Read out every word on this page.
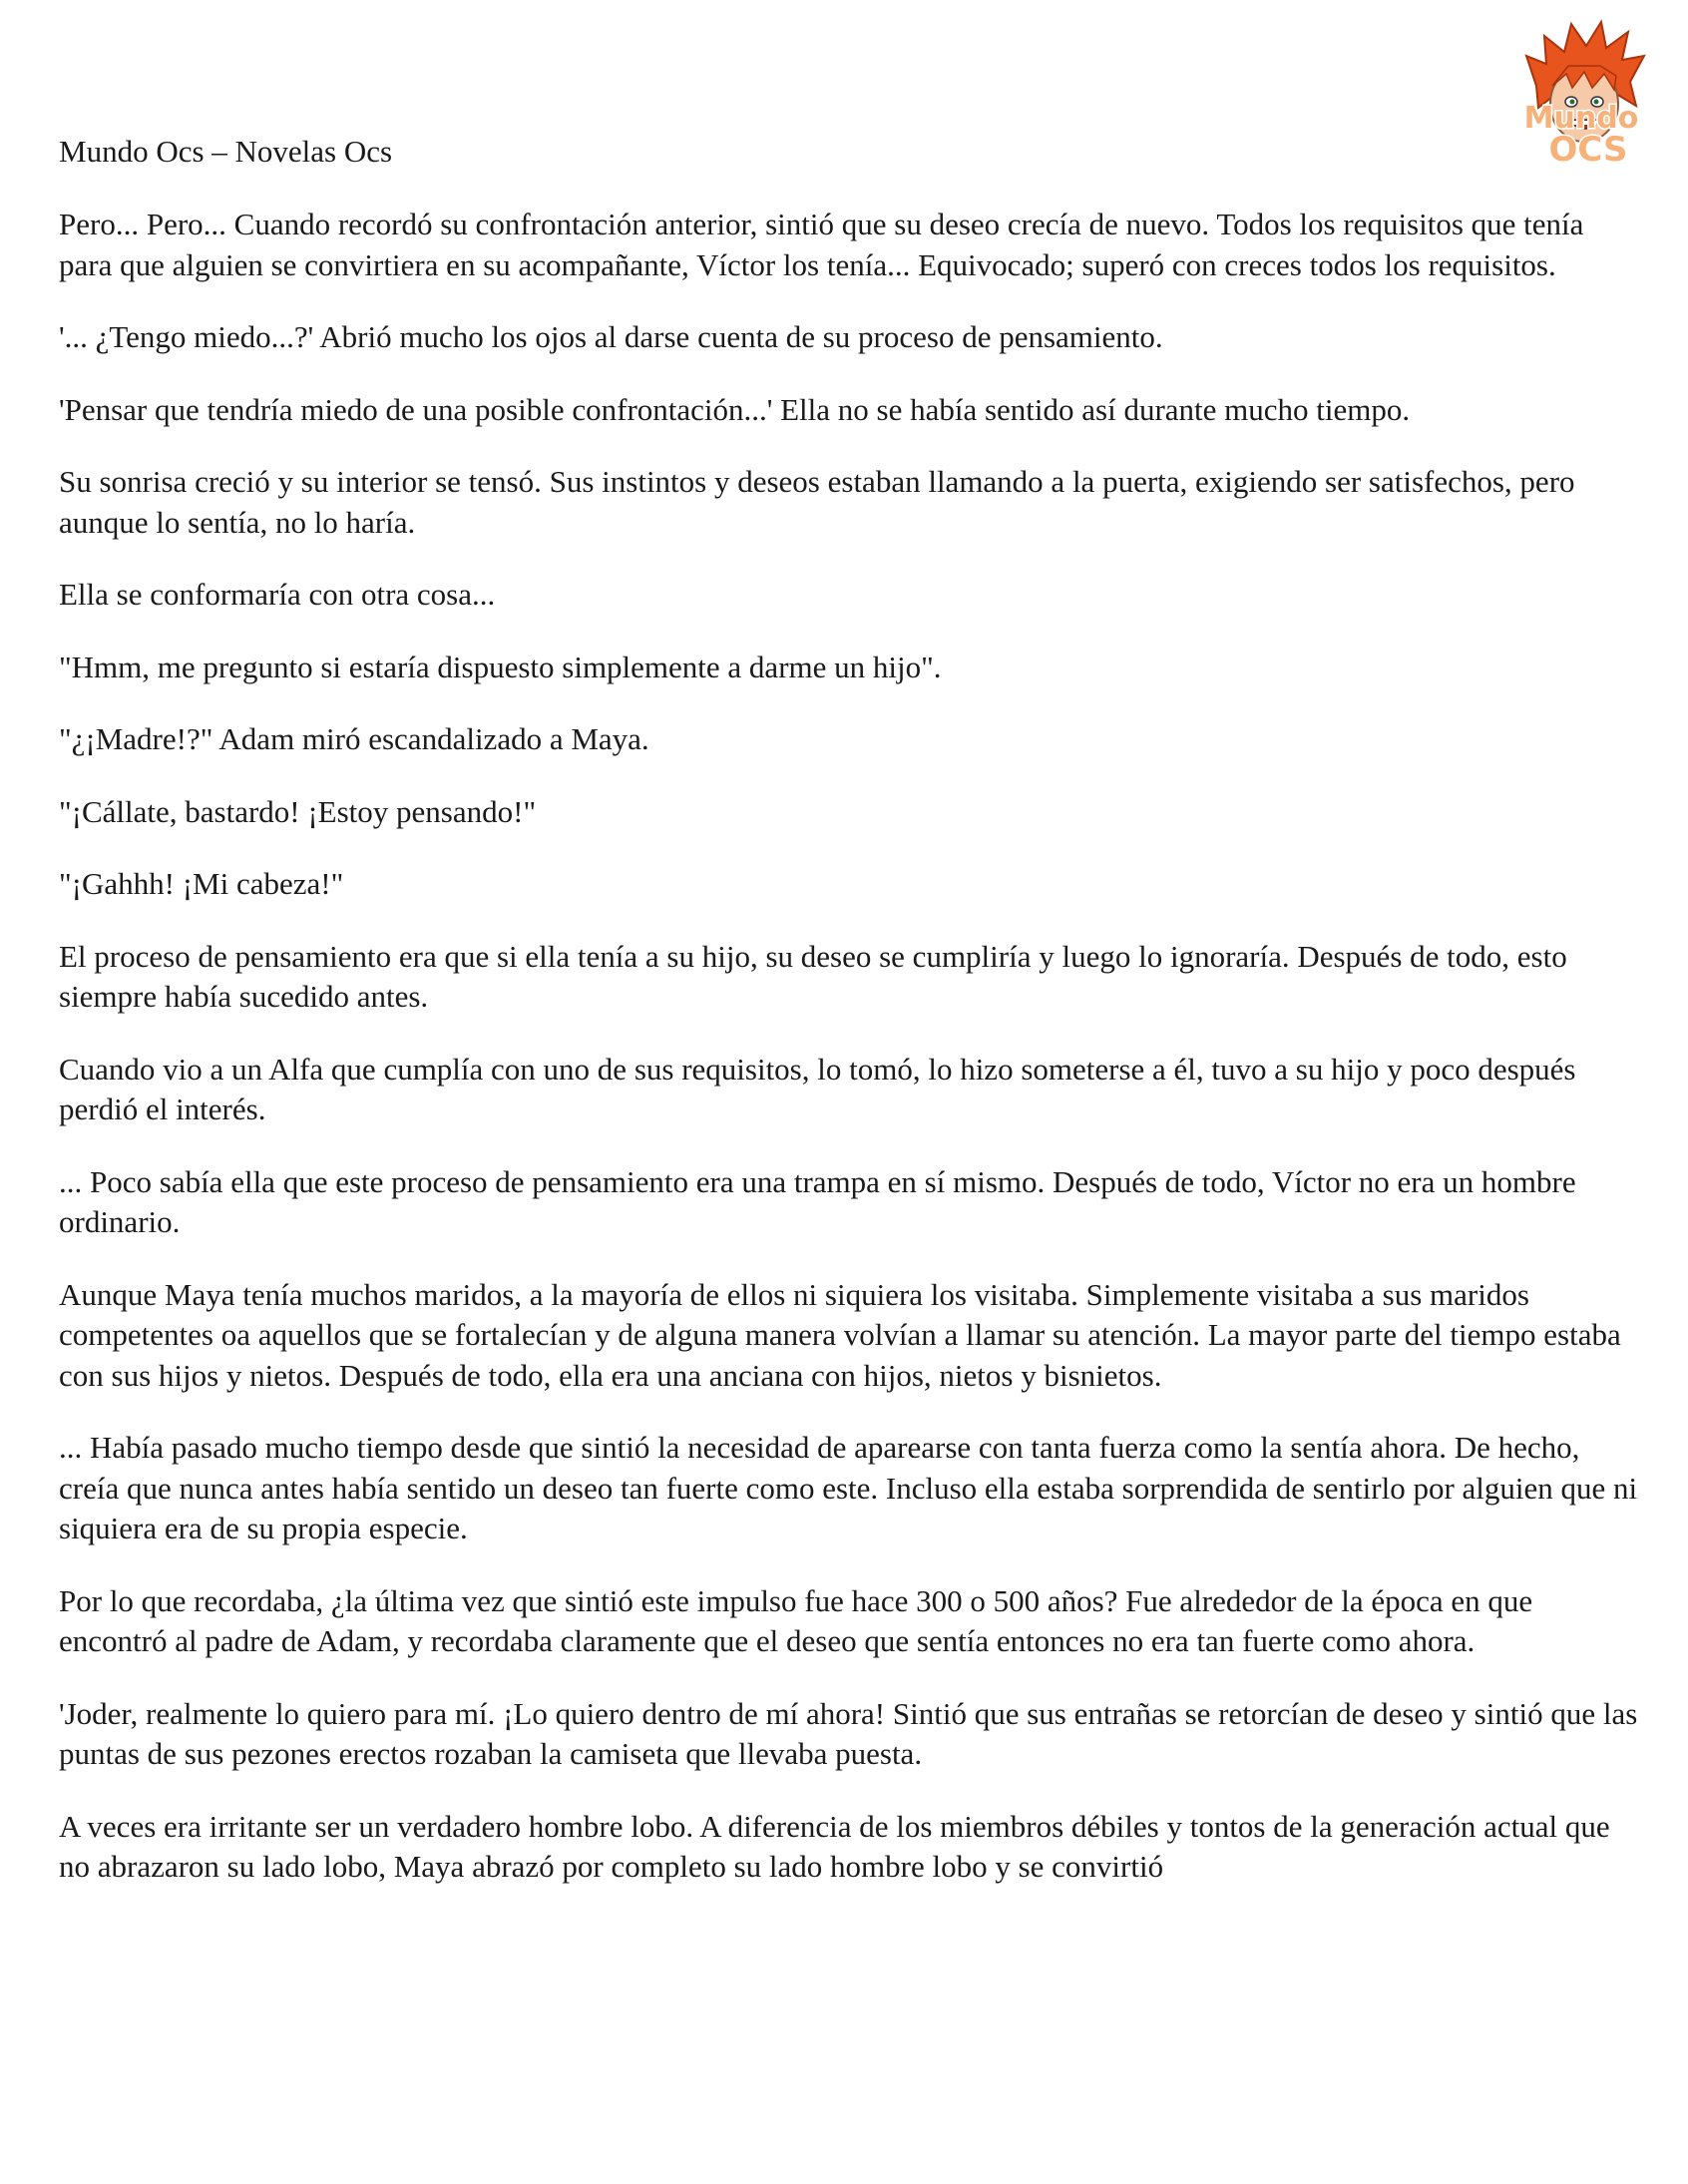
Mundo
OCS
Mundo Ocs – Novelas Ocs

Pero... Pero... Cuando recordó su confrontación anterior, sintió que su deseo crecía de nuevo. Todos los requisitos que tenía para que alguien se convirtiera en su acompañante, Víctor los tenía... Equivocado; superó con creces todos los requisitos.

'... ¿Tengo miedo...?' Abrió mucho los ojos al darse cuenta de su proceso de pensamiento.

'Pensar que tendría miedo de una posible confrontación...' Ella no se había sentido así durante mucho tiempo.

Su sonrisa creció y su interior se tensó. Sus instintos y deseos estaban llamando a la puerta, exigiendo ser satisfechos, pero aunque lo sentía, no lo haría.

Ella se conformaría con otra cosa...

"Hmm, me pregunto si estaría dispuesto simplemente a darme un hijo".

"¿¡Madre!?" Adam miró escandalizado a Maya.

"¡Cállate, bastardo! ¡Estoy pensando!"

"¡Gahhh! ¡Mi cabeza!"

El proceso de pensamiento era que si ella tenía a su hijo, su deseo se cumpliría y luego lo ignoraría. Después de todo, esto siempre había sucedido antes.

Cuando vio a un Alfa que cumplía con uno de sus requisitos, lo tomó, lo hizo someterse a él, tuvo a su hijo y poco después perdió el interés.

... Poco sabía ella que este proceso de pensamiento era una trampa en sí mismo. Después de todo, Víctor no era un hombre ordinario.

Aunque Maya tenía muchos maridos, a la mayoría de ellos ni siquiera los visitaba. Simplemente visitaba a sus maridos competentes oa aquellos que se fortalecían y de alguna manera volvían a llamar su atención. La mayor parte del tiempo estaba con sus hijos y nietos. Después de todo, ella era una anciana con hijos, nietos y bisnietos.

... Había pasado mucho tiempo desde que sintió la necesidad de aparearse con tanta fuerza como la sentía ahora. De hecho, creía que nunca antes había sentido un deseo tan fuerte como este. Incluso ella estaba sorprendida de sentirlo por alguien que ni siquiera era de su propia especie.

Por lo que recordaba, ¿la última vez que sintió este impulso fue hace 300 o 500 años? Fue alrededor de la época en que encontró al padre de Adam, y recordaba claramente que el deseo que sentía entonces no era tan fuerte como ahora.

'Joder, realmente lo quiero para mí. ¡Lo quiero dentro de mí ahora! Sintió que sus entrañas se retorcían de deseo y sintió que las puntas de sus pezones erectos rozaban la camiseta que llevaba puesta.

A veces era irritante ser un verdadero hombre lobo. A diferencia de los miembros débiles y tontos de la generación actual que no abrazaron su lado lobo, Maya abrazó por completo su lado hombre lobo y se convirtió
